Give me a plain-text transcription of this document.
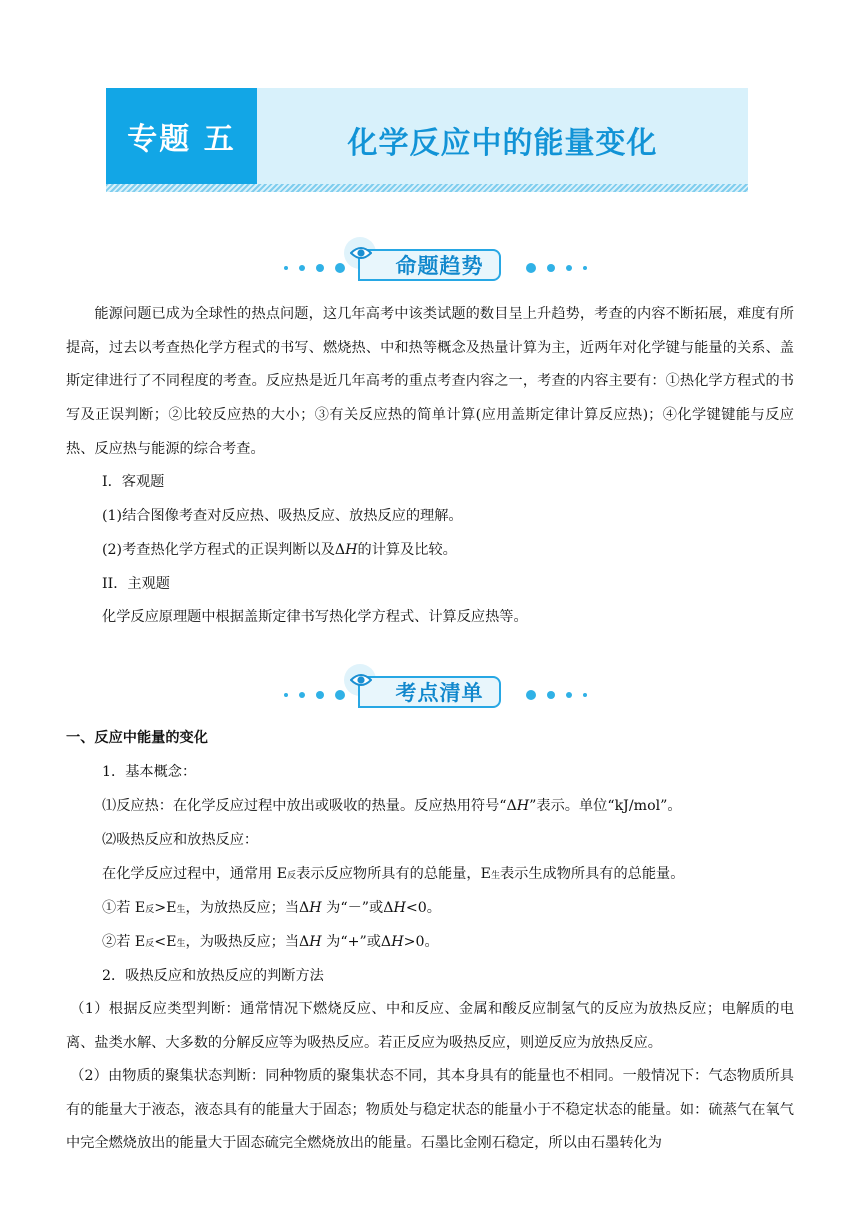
专题 五	化学反应中的能量变化
命题趋势
能源问题已成为全球性的热点问题，这几年高考中该类试题的数目呈上升趋势，考查的内容不断拓展，难度有所提高，过去以考查热化学方程式的书写、燃烧热、中和热等概念及热量计算为主，近两年对化学键与能量的关系、盖斯定律进行了不同程度的考查。反应热是近几年高考的重点考查内容之一，考查的内容主要有：①热化学方程式的书写及正误判断；②比较反应热的大小；③有关反应热的简单计算(应用盖斯定律计算反应热)；④化学键键能与反应热、反应热与能源的综合考查。
I．客观题
(1)结合图像考查对反应热、吸热反应、放热反应的理解。
(2)考查热化学方程式的正误判断以及ΔH的计算及比较。
II．主观题
化学反应原理题中根据盖斯定律书写热化学方程式、计算反应热等。
考点清单
一、反应中能量的变化
1．基本概念：
⑴反应热：在化学反应过程中放出或吸收的热量。反应热用符号“ΔH”表示。单位“kJ/mol”。
⑵吸热反应和放热反应：
在化学反应过程中，通常用 E反表示反应物所具有的总能量，E生表示生成物所具有的总能量。
①若 E反>E生，为放热反应；当ΔH 为“－”或ΔH<0。
②若 E反<E生，为吸热反应；当ΔH 为“+”或ΔH>0。
2．吸热反应和放热反应的判断方法
（1）根据反应类型判断：通常情况下燃烧反应、中和反应、金属和酸反应制氢气的反应为放热反应；电解质的电离、盐类水解、大多数的分解反应等为吸热反应。若正反应为吸热反应，则逆反应为放热反应。
（2）由物质的聚集状态判断：同种物质的聚集状态不同，其本身具有的能量也不相同。一般情况下：气态物质所具有的能量大于液态，液态具有的能量大于固态；物质处与稳定状态的能量小于不稳定状态的能量。如：硫蒸气在氧气中完全燃烧放出的能量大于固态硫完全燃烧放出的能量。石墨比金刚石稳定，所以由石墨转化为
